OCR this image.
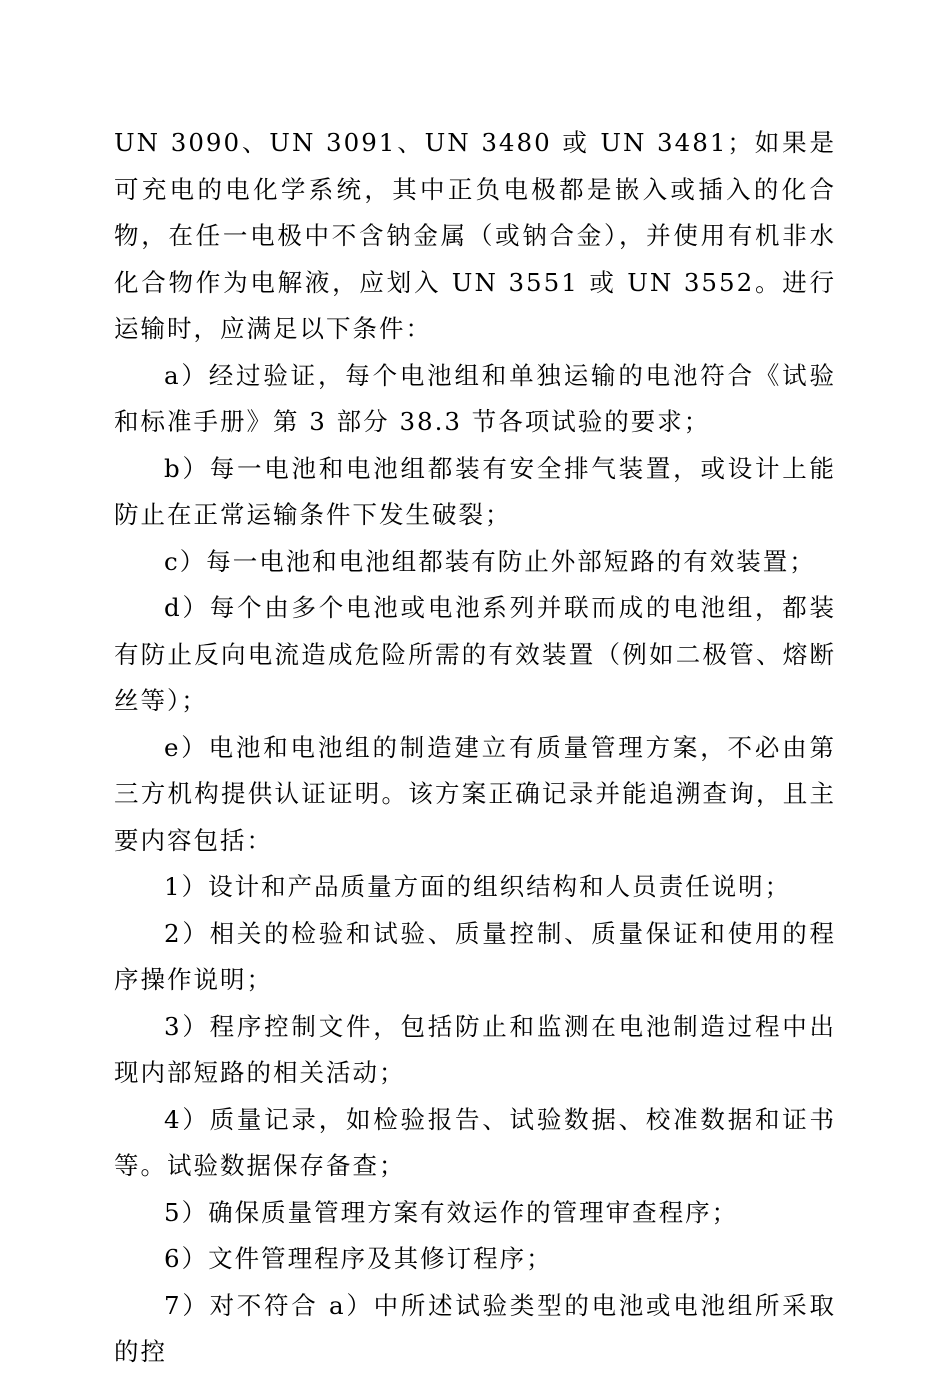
UN 3090、UN 3091、UN 3480 或 UN 3481；如果是可充电的电化学系统，其中正负电极都是嵌入或插入的化合物，在任一电极中不含钠金属（或钠合金），并使用有机非水化合物作为电解液，应划入 UN 3551 或 UN 3552。进行运输时，应满足以下条件：

a）经过验证，每个电池组和单独运输的电池符合《试验和标准手册》第 3 部分 38.3 节各项试验的要求；

b）每一电池和电池组都装有安全排气装置，或设计上能防止在正常运输条件下发生破裂；

c）每一电池和电池组都装有防止外部短路的有效装置；

d）每个由多个电池或电池系列并联而成的电池组，都装有防止反向电流造成危险所需的有效装置（例如二极管、熔断丝等）；

e）电池和电池组的制造建立有质量管理方案，不必由第三方机构提供认证证明。该方案正确记录并能追溯查询，且主要内容包括：

1）设计和产品质量方面的组织结构和人员责任说明；

2）相关的检验和试验、质量控制、质量保证和使用的程序操作说明；

3）程序控制文件，包括防止和监测在电池制造过程中出现内部短路的相关活动；

4）质量记录，如检验报告、试验数据、校准数据和证书等。试验数据保存备查；

5）确保质量管理方案有效运作的管理审查程序；

6）文件管理程序及其修订程序；

7）对不符合 a）中所述试验类型的电池或电池组所采取的控
